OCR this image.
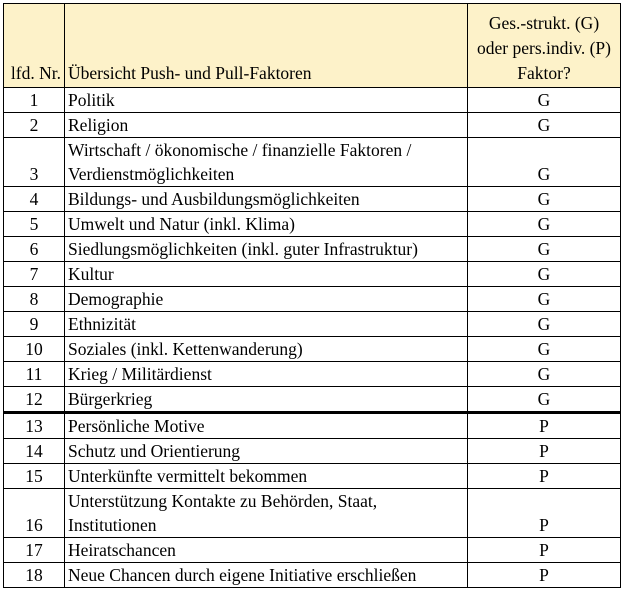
lfd. Nr.	Übersicht Push- und Pull-Faktoren	Ges.-strukt. (G)
oder pers.indiv. (P)
Faktor?

1	Politik	G
2	Religion	G
3	Wirtschaft / ökonomische / finanzielle Faktoren /
Verdienstmöglichkeiten	G
4	Bildungs- und Ausbildungsmöglichkeiten	G
5	Umwelt und Natur (inkl. Klima)	G
6	Siedlungsmöglichkeiten (inkl. guter Infrastruktur)	G
7	Kultur	G
8	Demographie	G
9	Ethnizität	G
10	Soziales (inkl. Kettenwanderung)	G
11	Krieg / Militärdienst	G
12	Bürgerkrieg	G
13	Persönliche Motive	P
14	Schutz und Orientierung	P
15	Unterkünfte vermittelt bekommen	P
16	Unterstützung Kontakte zu Behörden, Staat,
Institutionen	P
17	Heiratschancen	P
18	Neue Chancen durch eigene Initiative erschließen	P
